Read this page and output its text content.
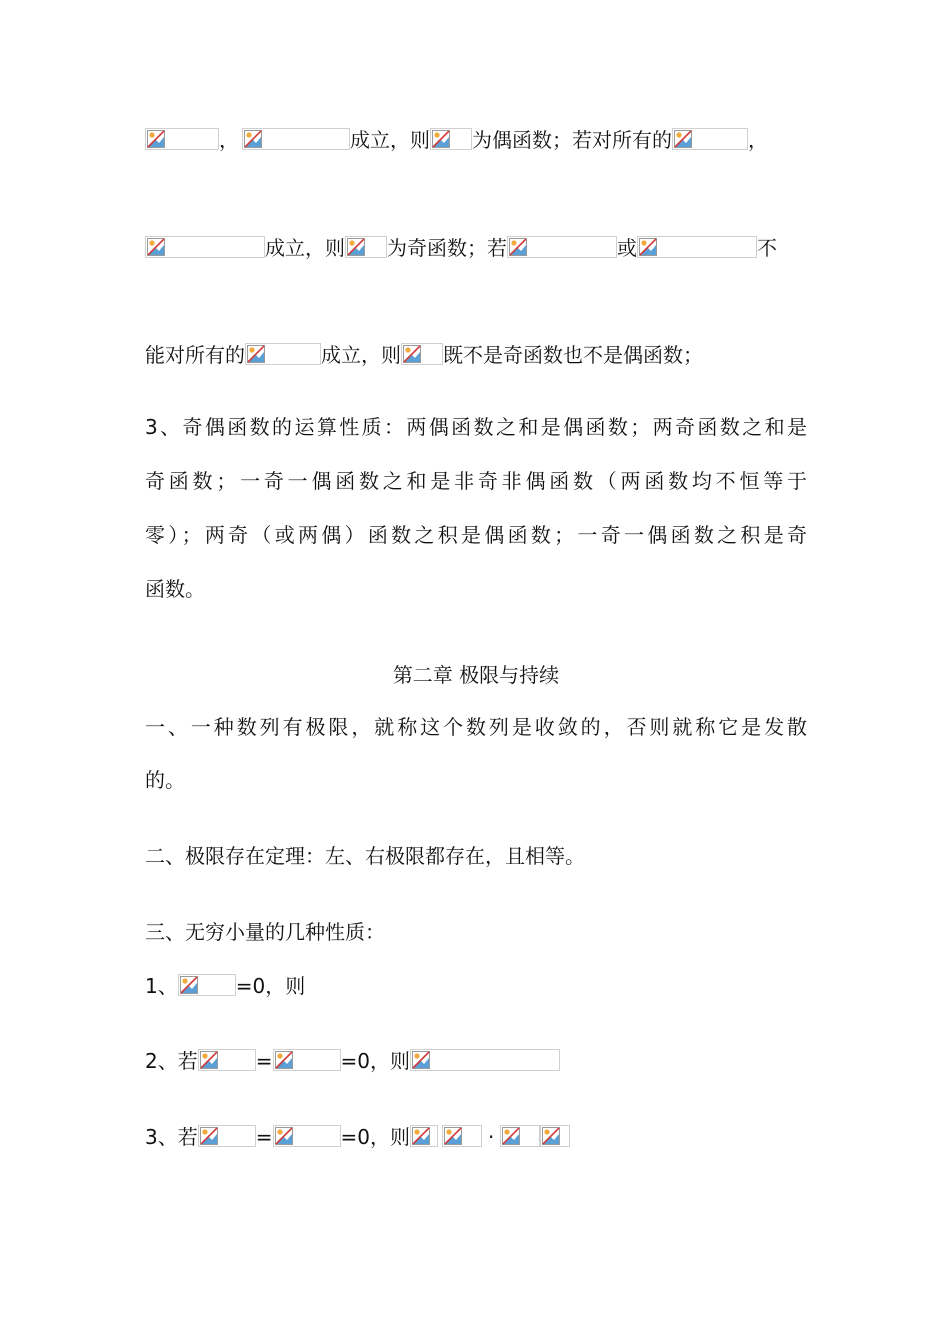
，	成立，则 为偶函数；若对所有的	，
成立，则 为奇函数；若	或	不
能对所有的	成立，则 既不是奇函数也不是偶函数；
3、奇偶函数的运算性质：两偶函数之和是偶函数；两奇函数之和是
奇函数；一奇一偶函数之和是非奇非偶函数（两函数均不恒等于
零）；两奇（或两偶）函数之积是偶函数；一奇一偶函数之积是奇
函数。
第二章 极限与持续
一、一种数列有极限，就称这个数列是收敛的，否则就称它是发散
的。
二、极限存在定理：左、右极限都存在，且相等。
三、无穷小量的几种性质：
1、	=0，则
2、若	=	=0，则
3、若	=	=0，则	·
